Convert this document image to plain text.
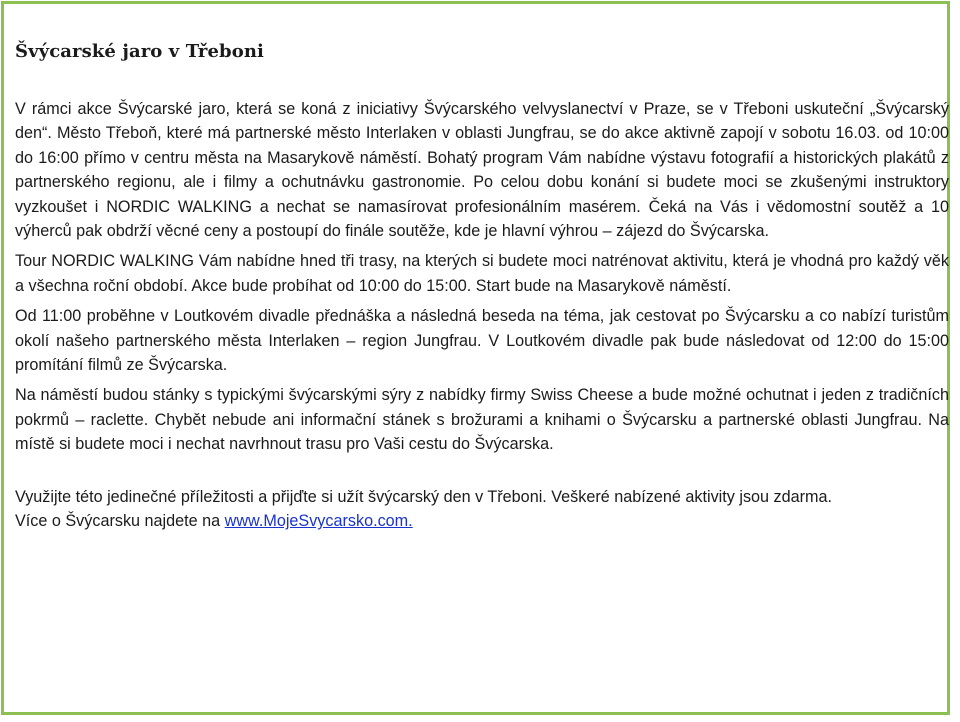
Švýcarské jaro v Třeboni

V rámci akce Švýcarské jaro, která se koná z iniciativy Švýcarského velvyslanectví v Praze, se v Třeboni uskuteční „Švýcarský den“. Město Třeboň, které má partnerské město Interlaken v oblasti Jungfrau, se do akce aktivně zapojí v sobotu 16.03. od 10:00 do 16:00 přímo v centru města na Masarykově náměstí. Bohatý program Vám nabídne výstavu fotografií a historických plakátů z partnerského regionu, ale i filmy a ochutnávku gastronomie. Po celou dobu konání si budete moci se zkušenými instruktory vyzkoušet i NORDIC WALKING a nechat se namasírovat profesionálním masérem. Čeká na Vás i vědomostní soutěž a 10 výherců pak obdrží věcné ceny a postoupí do finále soutěže, kde je hlavní výhrou – zájezd do Švýcarska.

Tour NORDIC WALKING Vám nabídne hned tři trasy, na kterých si budete moci natrénovat aktivitu, která je vhodná pro každý věk a všechna roční období. Akce bude probíhat od 10:00 do 15:00. Start bude na Masarykově náměstí.

Od 11:00 proběhne v Loutkovém divadle přednáška a následná beseda na téma, jak cestovat po Švýcarsku a co nabízí turistům okolí našeho partnerského města Interlaken – region Jungfrau. V Loutkovém divadle pak bude následovat od 12:00 do 15:00 promítání filmů ze Švýcarska.

Na náměstí budou stánky s typickými švýcarskými sýry z nabídky firmy Swiss Cheese a bude možné ochutnat i jeden z tradičních pokrmů – raclette. Chybět nebude ani informační stánek s brožurami a knihami o Švýcarsku a partnerské oblasti Jungfrau. Na místě si budete moci i nechat navrhnout trasu pro Vaši cestu do Švýcarska.

Využijte této jedinečné příležitosti a přijďte si užít švýcarský den v Třeboni. Veškeré nabízené aktivity jsou zdarma.
Více o Švýcarsku najdete na www.MojeSvycarsko.com.
